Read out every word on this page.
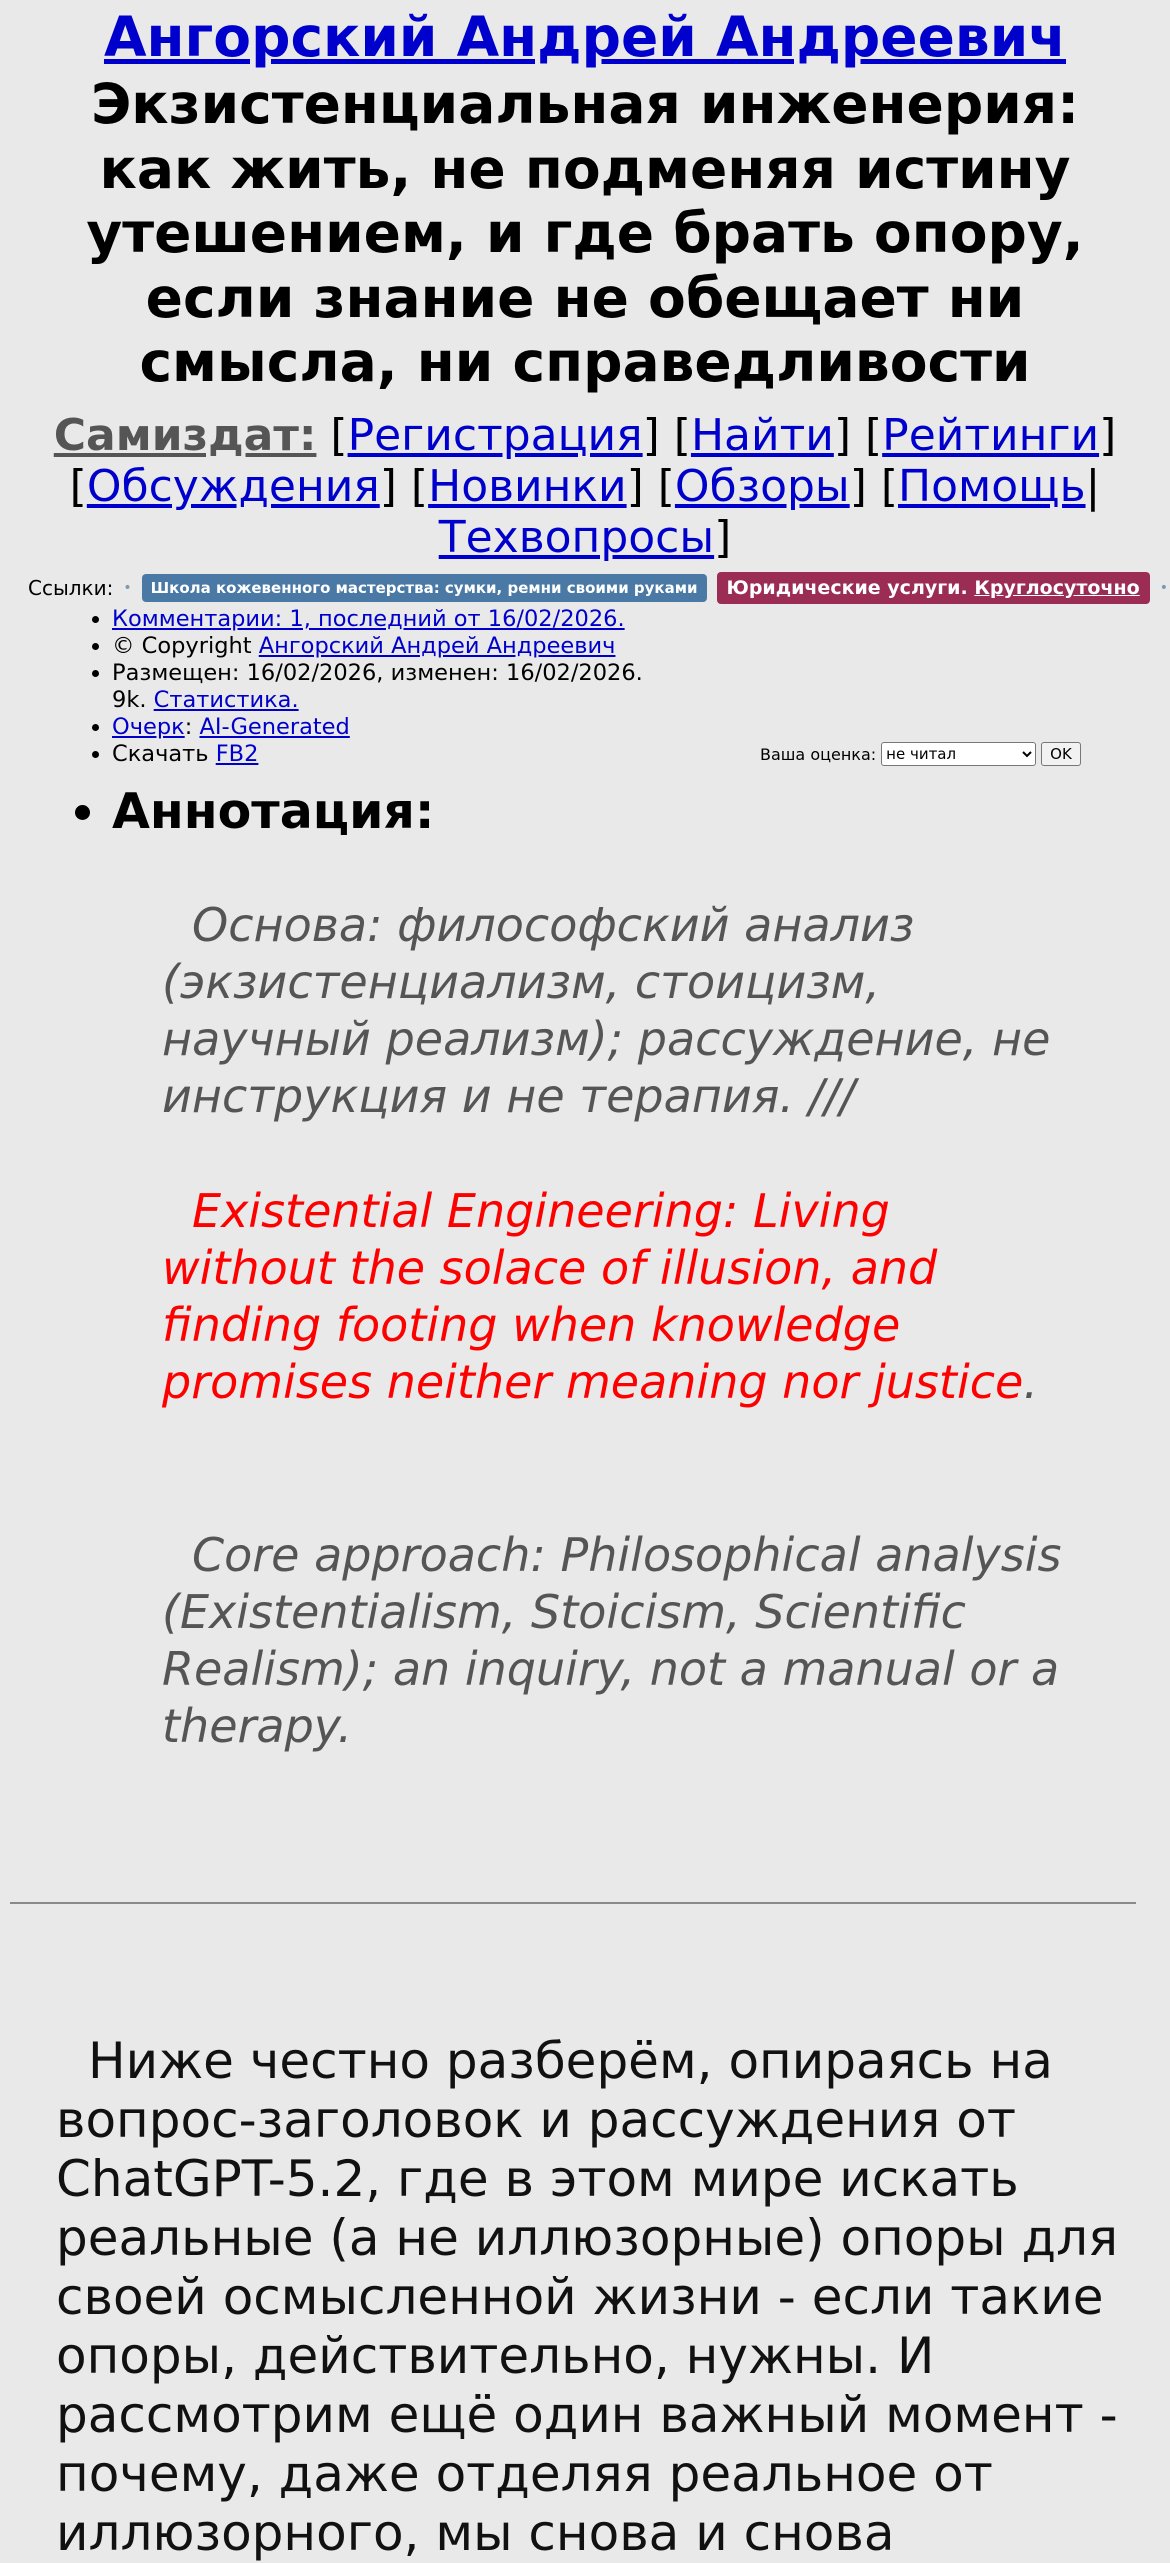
Ангорский Андрей Андреевич
Экзистенциальная инженерия: как жить, не подменяя истину утешением, и где брать опору, если знание не обещает ни смысла, ни справедливости
Самиздат: [Регистрация] [Найти] [Рейтинги] [Обсуждения] [Новинки] [Обзоры] [Помощь| Техвопросы]
Ссылки: •	Школа кожевенного мастерства: сумки, ремни своими руками	Юридические услуги. Круглосуточно	•
• Комментарии: 1, последний от 16/02/2026.
• © Copyright Ангорский Андрей Андреевич
• Размещен: 16/02/2026, изменен: 16/02/2026.
9k. Статистика.
• Очерк: AI-Generated
• Скачать FB2	Ваша оценка:
не читал	OK
• Аннотация:

Основа: философский анализ (экзистенциализм, стоицизм, научный реализм); рассуждение, не инструкция и не терапия. ///

Existential Engineering: Living without the solace of illusion, and finding footing when knowledge promises neither meaning nor justice.

Core approach: Philosophical analysis (Existentialism, Stoicism, Scientific Realism); an inquiry, not a manual or a therapy.

Ниже честно разберём, опираясь на вопрос-заголовок и рассуждения от ChatGPT-5.2, где в этом мире искать реальные (а не иллюзорные) опоры для своей осмысленной жизни - если такие опоры, действительно, нужны. И рассмотрим ещё один важный момент - почему, даже отделяя реальное от иллюзорного, мы снова и снова
